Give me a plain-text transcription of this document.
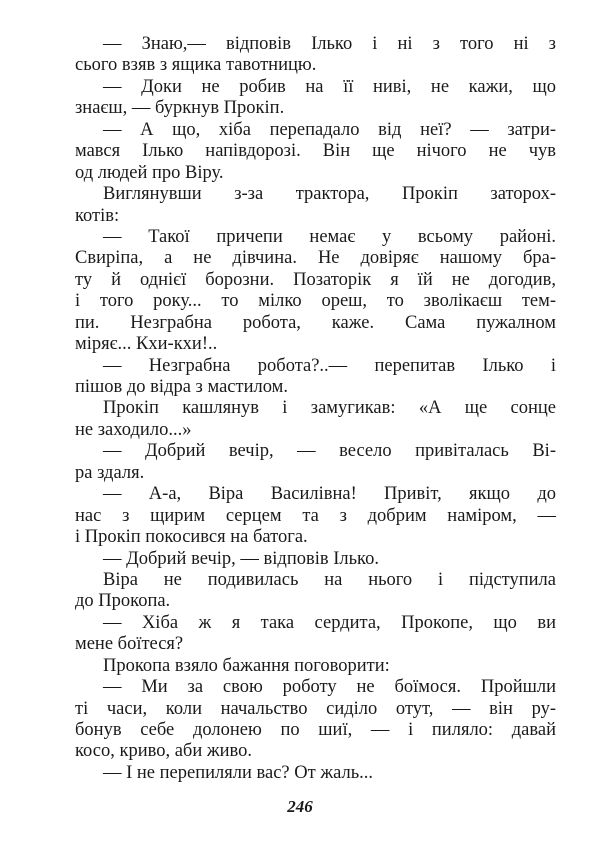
— Знаю,— відповів Ілько і ні з того ні з
сього взяв з ящика тавотницю.
— Доки не робив на її ниві, не кажи, що
знаєш, — буркнув Прокіп.
— А що, хіба перепадало від неї? — затри-
мався Ілько напівдорозі. Він ще нічого не чув
од людей про Віру.
Виглянувши з-за трактора, Прокіп заторох-
котів:
— Такої причепи немає у всьому районі.
Свиріпа, а не дівчина. Не довіряє нашому бра-
ту й однієї борозни. Позаторік я їй не догодив,
і того року... то мілко ореш, то зволікаєш тем-
пи. Незграбна робота, каже. Сама пужалном
міряє... Кхи-кхи!..
— Незграбна робота?..— перепитав Ілько і
пішов до відра з мастилом.
Прокіп кашлянув і замугикав: «А ще сонце
не заходило...»
— Добрий вечір, — весело привіталась Ві-
ра здаля.
— А-а, Віра Василівна! Привіт, якщо до
нас з щирим серцем та з добрим наміром, —
і Прокіп покосився на батога.
— Добрий вечір, — відповів Ілько.
Віра не подивилась на нього і підступила
до Прокопа.
— Хіба ж я така сердита, Прокопе, що ви
мене боїтеся?
Прокопа взяло бажання поговорити:
— Ми за свою роботу не боїмося. Пройшли
ті часи, коли начальство сиділо отут, — він ру-
бонув себе долонею по шиї, — і пиляло: давай
косо, криво, аби живо.
— І не перепиляли вас? От жаль...
246
